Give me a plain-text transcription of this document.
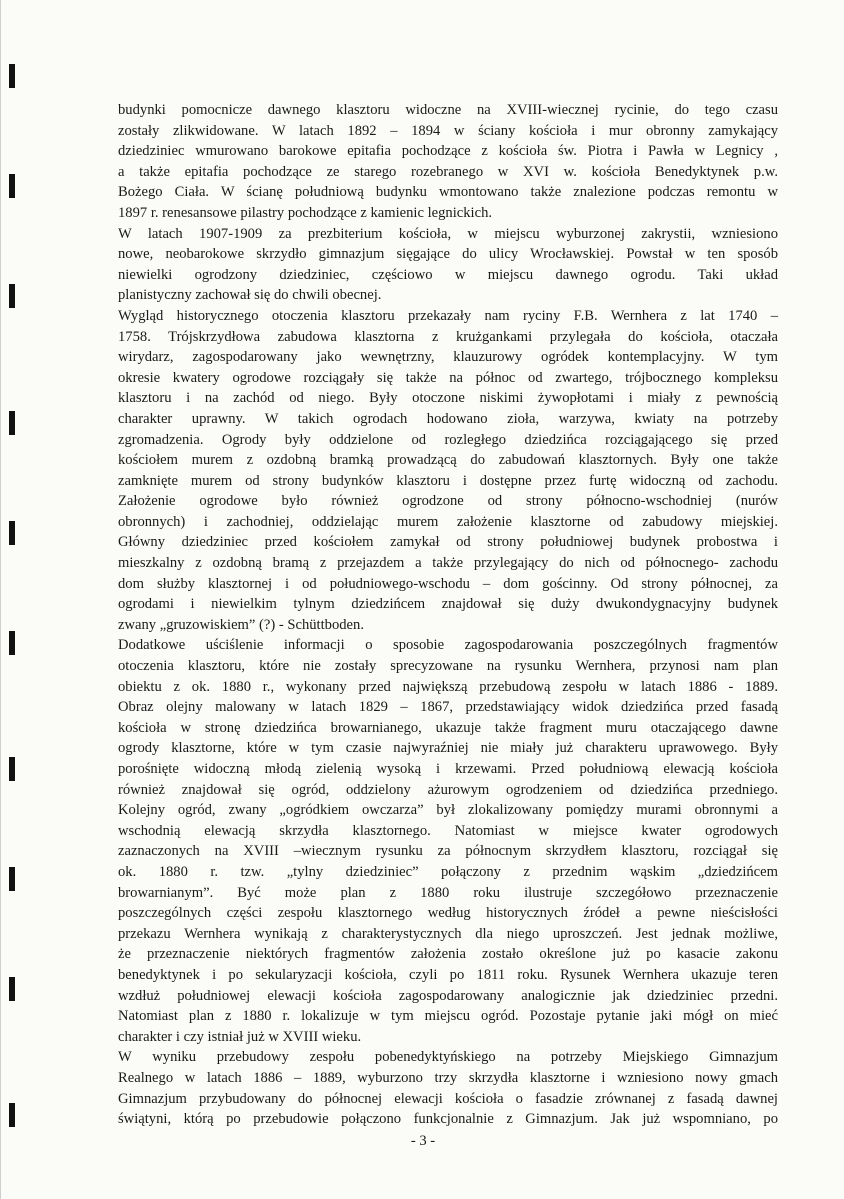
budynki pomocnicze dawnego klasztoru widoczne na XVIII-wiecznej rycinie, do tego czasu
zostały zlikwidowane. W latach 1892 – 1894 w ściany kościoła i mur obronny zamykający
dziedziniec wmurowano barokowe epitafia pochodzące z kościoła św. Piotra i Pawła w Legnicy ,
a także epitafia pochodzące ze starego rozebranego w XVI w. kościoła Benedyktynek p.w.
Bożego Ciała. W ścianę południową budynku wmontowano także znalezione podczas remontu w
1897 r. renesansowe pilastry pochodzące z kamienic legnickich.
W latach 1907-1909 za prezbiterium kościoła, w miejscu wyburzonej zakrystii, wzniesiono
nowe, neobarokowe skrzydło gimnazjum sięgające do ulicy Wrocławskiej. Powstał w ten sposób
niewielki ogrodzony dziedziniec, częściowo w miejscu dawnego ogrodu. Taki układ
planistyczny zachował się do chwili obecnej.
Wygląd historycznego otoczenia klasztoru przekazały nam ryciny F.B. Wernhera z lat 1740 –
1758. Trójskrzydłowa zabudowa klasztorna z krużgankami przylegała do kościoła, otaczała
wirydarz, zagospodarowany jako wewnętrzny, klauzurowy ogródek kontemplacyjny. W tym
okresie kwatery ogrodowe rozciągały się także na północ od zwartego, trójbocznego kompleksu
klasztoru i na zachód od niego. Były otoczone niskimi żywopłotami i miały z pewnością
charakter uprawny. W takich ogrodach hodowano zioła, warzywa, kwiaty na potrzeby
zgromadzenia. Ogrody były oddzielone od rozległego dziedzińca rozciągającego się przed
kościołem murem z ozdobną bramką prowadzącą do zabudowań klasztornych. Były one także
zamknięte murem od strony budynków klasztoru i dostępne przez furtę widoczną od zachodu.
Założenie ogrodowe było również ogrodzone od strony północno-wschodniej (nurów
obronnych) i zachodniej, oddzielając murem założenie klasztorne od zabudowy miejskiej.
Główny dziedziniec przed kościołem zamykał od strony południowej budynek probostwa i
mieszkalny z ozdobną bramą z przejazdem a także przylegający do nich od północnego- zachodu
dom służby klasztornej i od południowego-wschodu – dom gościnny. Od strony północnej, za
ogrodami i niewielkim tylnym dziedzińcem znajdował się duży dwukondygnacyjny budynek
zwany „gruzowiskiem” (?) - Schüttboden.
Dodatkowe uściślenie informacji o sposobie zagospodarowania poszczególnych fragmentów
otoczenia klasztoru, które nie zostały sprecyzowane na rysunku Wernhera, przynosi nam plan
obiektu z ok. 1880 r., wykonany przed największą przebudową zespołu w latach 1886 - 1889.
Obraz olejny malowany w latach 1829 – 1867, przedstawiający widok dziedzińca przed fasadą
kościoła w stronę dziedzińca browarnianego, ukazuje także fragment muru otaczającego dawne
ogrody klasztorne, które w tym czasie najwyraźniej nie miały już charakteru uprawowego. Były
porośnięte widoczną młodą zielenią wysoką i krzewami. Przed południową elewacją kościoła
również znajdował się ogród, oddzielony ażurowym ogrodzeniem od dziedzińca przedniego.
Kolejny ogród, zwany „ogródkiem owczarza” był zlokalizowany pomiędzy murami obronnymi a
wschodnią elewacją skrzydła klasztornego. Natomiast w miejsce kwater ogrodowych
zaznaczonych na XVIII –wiecznym rysunku za północnym skrzydłem klasztoru, rozciągał się
ok. 1880 r. tzw. „tylny dziedziniec” połączony z przednim wąskim „dziedzińcem
browarnianym”. Być może plan z 1880 roku ilustruje szczegółowo przeznaczenie
poszczególnych części zespołu klasztornego według historycznych źródeł a pewne nieścisłości
przekazu Wernhera wynikają z charakterystycznych dla niego uproszczeń. Jest jednak możliwe,
że przeznaczenie niektórych fragmentów założenia zostało określone już po kasacie zakonu
benedyktynek i po sekularyzacji kościoła, czyli po 1811 roku. Rysunek Wernhera ukazuje teren
wzdłuż południowej elewacji kościoła zagospodarowany analogicznie jak dziedziniec przedni.
Natomiast plan z 1880 r. lokalizuje w tym miejscu ogród. Pozostaje pytanie jaki mógł on mieć
charakter i czy istniał już w XVIII wieku.
W wyniku przebudowy zespołu pobenedyktyńskiego na potrzeby Miejskiego Gimnazjum
Realnego w latach 1886 – 1889, wyburzono trzy skrzydła klasztorne i wzniesiono nowy gmach
Gimnazjum przybudowany do północnej elewacji kościoła o fasadzie zrównanej z fasadą dawnej
świątyni, którą po przebudowie połączono funkcjonalnie z Gimnazjum. Jak już wspomniano, po
- 3 -
